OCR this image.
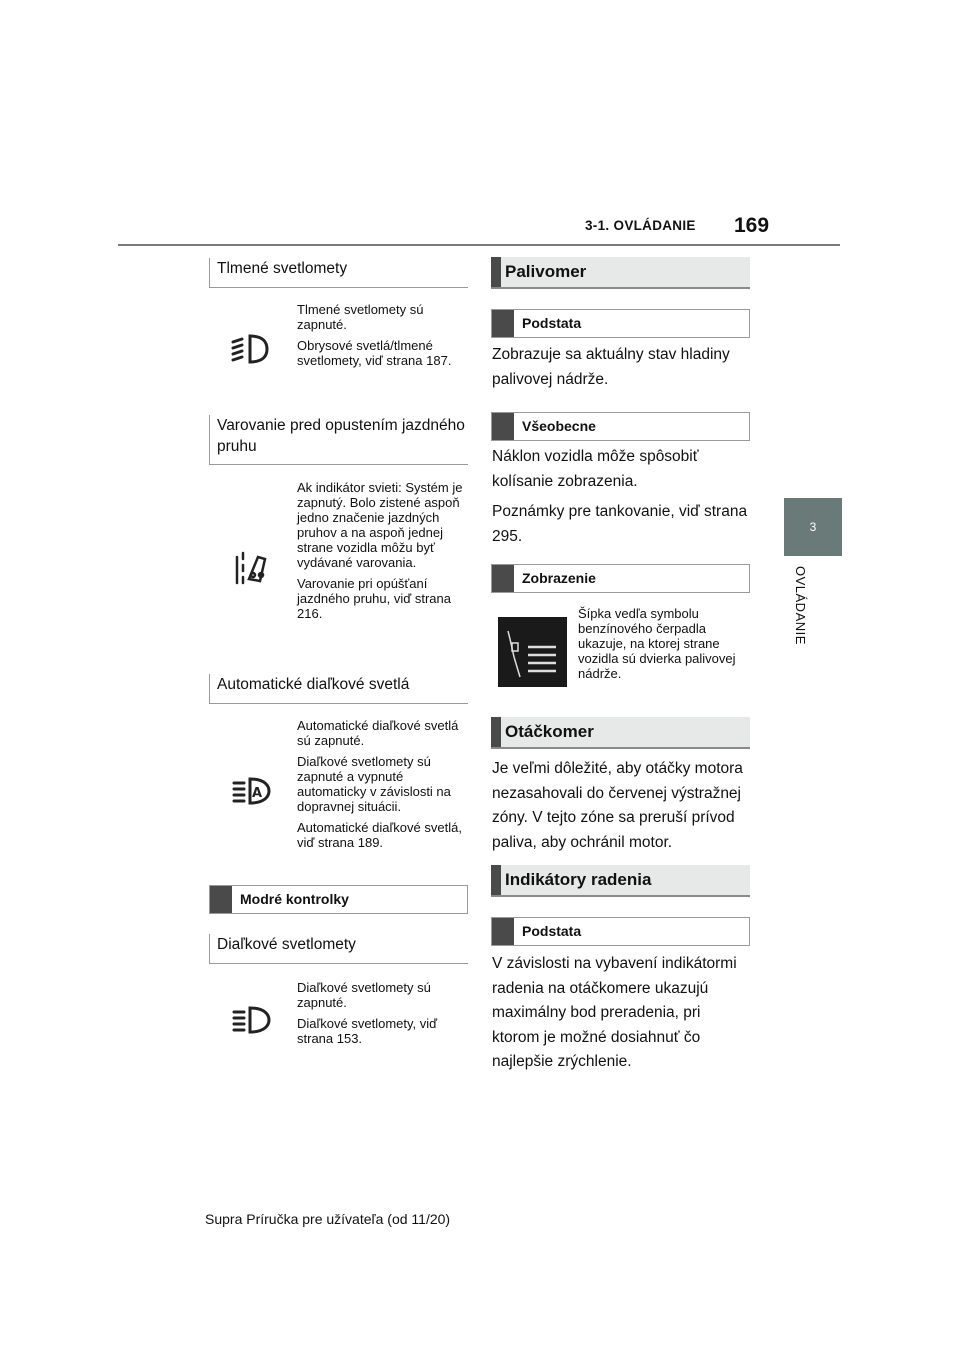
3-1. OVLÁDANIE 169
3
OVLÁDANIE
Tlmené svetlomety

Tlmené svetlomety sú zapnuté.

Obrysové svetlá/tlmené svetlomety, viď strana 187.

Varovanie pred opustením jazdného pruhu

Ak indikátor svieti: Systém je zapnutý. Bolo zistené aspoň jedno značenie jazdných pruhov a na aspoň jednej strane vozidla môžu byť vydávané varovania.

Varovanie pri opúšťaní jazdného pruhu, viď strana 216.

Automatické diaľkové svetlá
A

Automatické diaľkové svetlá sú zapnuté.

Diaľkové svetlomety sú zapnuté a vypnuté automaticky v závislosti na dopravnej situácii.

Automatické diaľkové svetlá, viď strana 189.

Modré kontrolky
Diaľkové svetlomety

Diaľkové svetlomety sú zapnuté.

Diaľkové svetlomety, viď strana 153.

Palivomer
Podstata

Zobrazuje sa aktuálny stav hladiny palivovej nádrže.

Všeobecne

Náklon vozidla môže spôsobiť kolísanie zobrazenia.

Poznámky pre tankovanie, viď strana 295.

Zobrazenie

Šípka vedľa symbolu benzínového čerpadla ukazuje, na ktorej strane vozidla sú dvierka palivovej nádrže.

Otáčkomer

Je veľmi dôležité, aby otáčky motora nezasahovali do červenej výstražnej zóny. V tejto zóne sa preruší prívod paliva, aby ochránil motor.

Indikátory radenia
Podstata

V závislosti na vybavení indikátormi radenia na otáčkomere ukazujú maximálny bod preradenia, pri ktorom je možné dosiahnuť čo najlepšie zrýchlenie.

Supra Príručka pre užívateľa (od 11/20)
